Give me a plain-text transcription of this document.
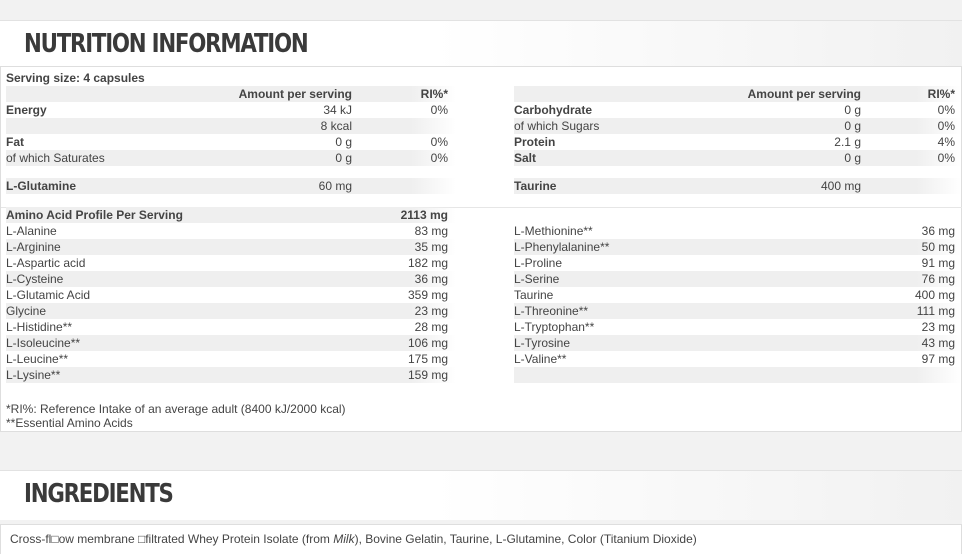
NUTRITION INFORMATION
Serving size: 4 capsules
Amount per serving	RI%*	Amount per serving	RI%*
Energy	34 kJ	0%
8 kcal
Fat	0 g	0%
of which Saturates	0 g	0%
Carbohydrate	0 g	0%
of which Sugars	0 g	0%
Protein	2.1 g	4%
Salt	0 g	0%
L-Glutamine	60 mg	Taurine	400 mg
Amino Acid Profile Per Serving	2113 mg
L-Alanine	83 mg
L-Arginine	35 mg
L-Aspartic acid	182 mg
L-Cysteine	36 mg
L-Glutamic Acid	359 mg
Glycine	23 mg
L-Histidine**	28 mg
L-Isoleucine**	106 mg
L-Leucine**	175 mg
L-Lysine**	159 mg
L-Methionine**	36 mg
L-Phenylalanine**	50 mg
L-Proline	91 mg
L-Serine	76 mg
Taurine	400 mg
L-Threonine**	111 mg
L-Tryptophan**	23 mg
L-Tyrosine	43 mg
L-Valine**	97 mg
*RI%: Reference Intake of an average adult (8400 kJ/2000 kcal)
**Essential Amino Acids
INGREDIENTS
Cross-fl□ow membrane □filtrated Whey Protein Isolate (from Milk), Bovine Gelatin, Taurine, L-Glutamine, Color (Titanium Dioxide)
